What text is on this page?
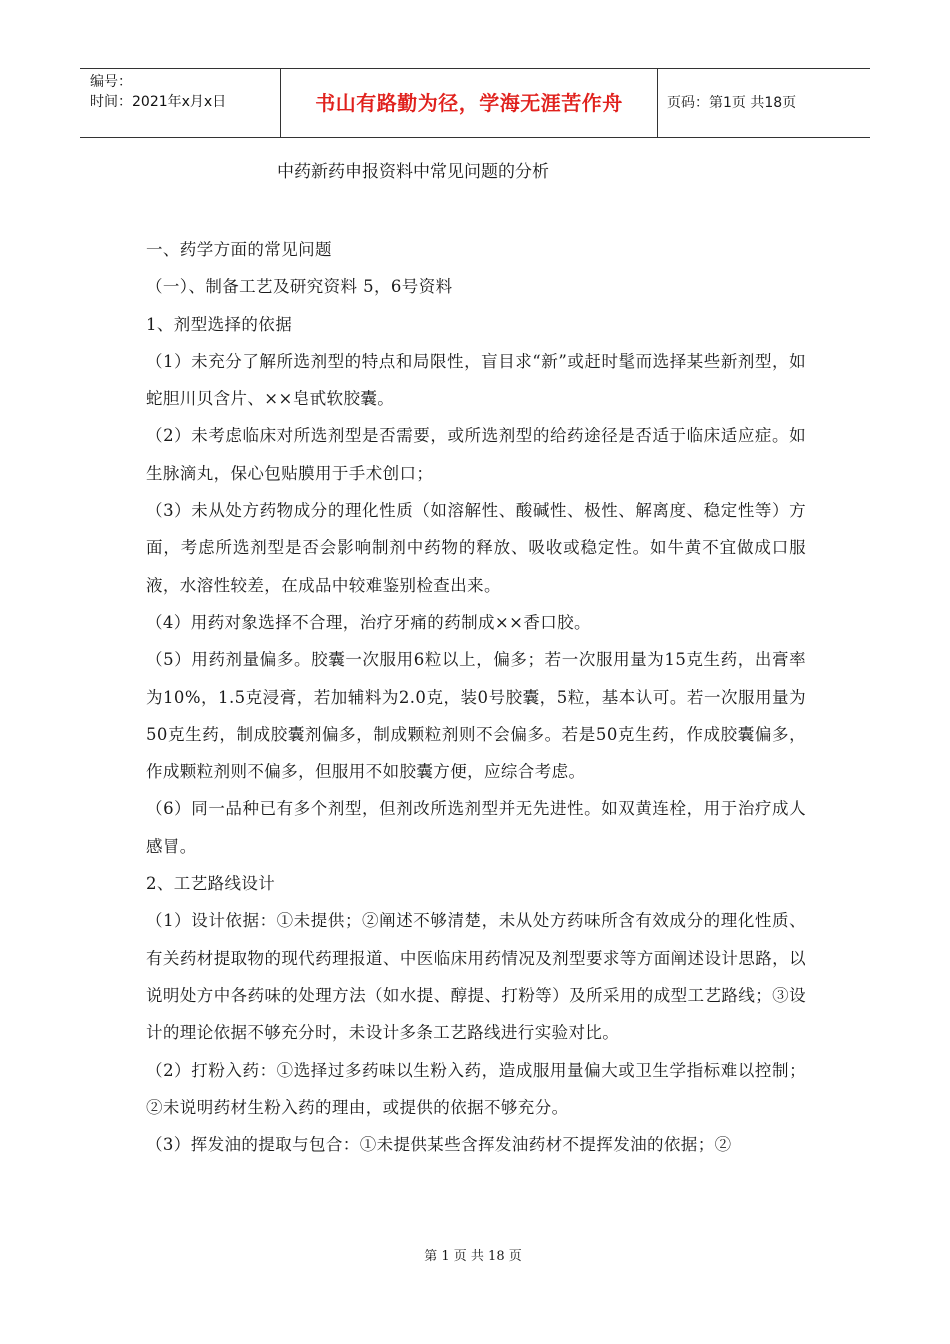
编号：
时间：2021年x月x日	书山有路勤为径，学海无涯苦作舟	页码：第1页 共18页
中药新药申报资料中常见问题的分析

一、药学方面的常见问题

（一）、制备工艺及研究资料 5，6号资料

1、剂型选择的依据

（1）未充分了解所选剂型的特点和局限性，盲目求“新”或赶时髦而选择某些新剂型，如蛇胆川贝含片、××皂甙软胶囊。

（2）未考虑临床对所选剂型是否需要，或所选剂型的给药途径是否适于临床适应症。如生脉滴丸，保心包贴膜用于手术创口；

（3）未从处方药物成分的理化性质（如溶解性、酸碱性、极性、解离度、稳定性等）方面，考虑所选剂型是否会影响制剂中药物的释放、吸收或稳定性。如牛黄不宜做成口服液，水溶性较差，在成品中较难鉴别检查出来。

（4）用药对象选择不合理，治疗牙痛的药制成××香口胶。

（5）用药剂量偏多。胶囊一次服用6粒以上，偏多；若一次服用量为15克生药，出膏率为10%，1.5克浸膏，若加辅料为2.0克，装0号胶囊，5粒，基本认可。若一次服用量为50克生药，制成胶囊剂偏多，制成颗粒剂则不会偏多。若是50克生药，作成胶囊偏多，作成颗粒剂则不偏多，但服用不如胶囊方便，应综合考虑。

（6）同一品种已有多个剂型，但剂改所选剂型并无先进性。如双黄连栓，用于治疗成人感冒。

2、工艺路线设计

（1）设计依据：①未提供；②阐述不够清楚，未从处方药味所含有效成分的理化性质、有关药材提取物的现代药理报道、中医临床用药情况及剂型要求等方面阐述设计思路，以说明处方中各药味的处理方法（如水提、醇提、打粉等）及所采用的成型工艺路线；③设计的理论依据不够充分时，未设计多条工艺路线进行实验对比。

（2）打粉入药：①选择过多药味以生粉入药，造成服用量偏大或卫生学指标难以控制；②未说明药材生粉入药的理由，或提供的依据不够充分。

（3）挥发油的提取与包合：①未提供某些含挥发油药材不提挥发油的依据；②

第 1 页 共 18 页
